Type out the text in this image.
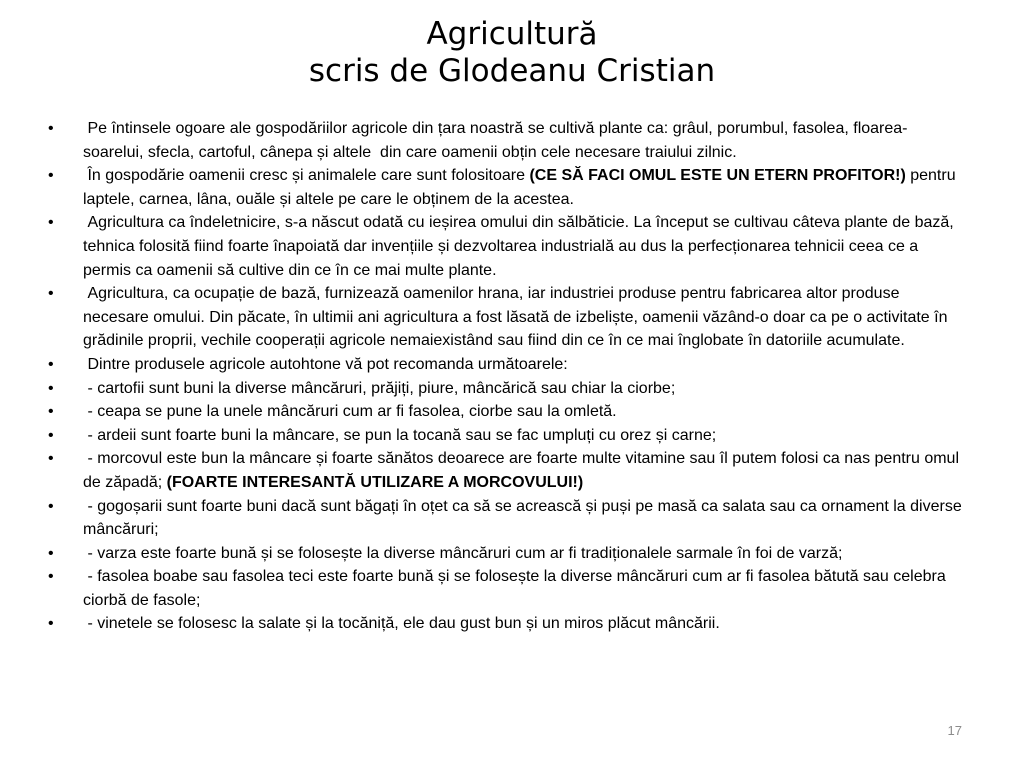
Agricultură
scris de Glodeanu Cristian
•	Pe întinsele ogoare ale gospodăriilor agricole din țara noastră se cultivă plante ca: grâul, porumbul, fasolea, floarea-soarelui, sfecla, cartoful, cânepa și altele  din care oamenii obțin cele necesare traiului zilnic.
•	În gospodărie oamenii cresc și animalele care sunt folositoare (CE SĂ FACI OMUL ESTE UN ETERN PROFITOR!) pentru laptele, carnea, lâna, ouăle și altele pe care le obținem de la acestea.
•	Agricultura ca îndeletnicire, s-a născut odată cu ieșirea omului din sălbăticie. La început se cultivau câteva plante de bază, tehnica folosită fiind foarte înapoiată dar invențiile și dezvoltarea industrială au dus la perfecționarea tehnicii ceea ce a permis ca oamenii să cultive din ce în ce mai multe plante.
•	Agricultura, ca ocupație de bază, furnizează oamenilor hrana, iar industriei produse pentru fabricarea altor produse necesare omului. Din păcate, în ultimii ani agricultura a fost lăsată de izbeliște, oamenii văzând-o doar ca pe o activitate în grădinile proprii, vechile cooperații agricole nemaiexistând sau fiind din ce în ce mai înglobate în datoriile acumulate.
•	Dintre produsele agricole autohtone vă pot recomanda următoarele:
•	- cartofii sunt buni la diverse mâncăruri, prăjiți, piure, mâncărică sau chiar la ciorbe;
•	- ceapa se pune la unele mâncăruri cum ar fi fasolea, ciorbe sau la omletă.
•	- ardeii sunt foarte buni la mâncare, se pun la tocană sau se fac umpluți cu orez și carne;
•	- morcovul este bun la mâncare și foarte sănătos deoarece are foarte multe vitamine sau îl putem folosi ca nas pentru omul de zăpadă; (FOARTE INTERESANTĂ UTILIZARE A MORCOVULUI!)
•	- gogoșarii sunt foarte buni dacă sunt băgați în oțet ca să se acrească și puși pe masă ca salata sau ca ornament la diverse mâncăruri;
•	- varza este foarte bună și se folosește la diverse mâncăruri cum ar fi tradiționalele sarmale în foi de varză;
•	- fasolea boabe sau fasolea teci este foarte bună și se folosește la diverse mâncăruri cum ar fi fasolea bătută sau celebra ciorbă de fasole;
•	- vinetele se folosesc la salate și la tocăniță, ele dau gust bun și un miros plăcut mâncării.
17
